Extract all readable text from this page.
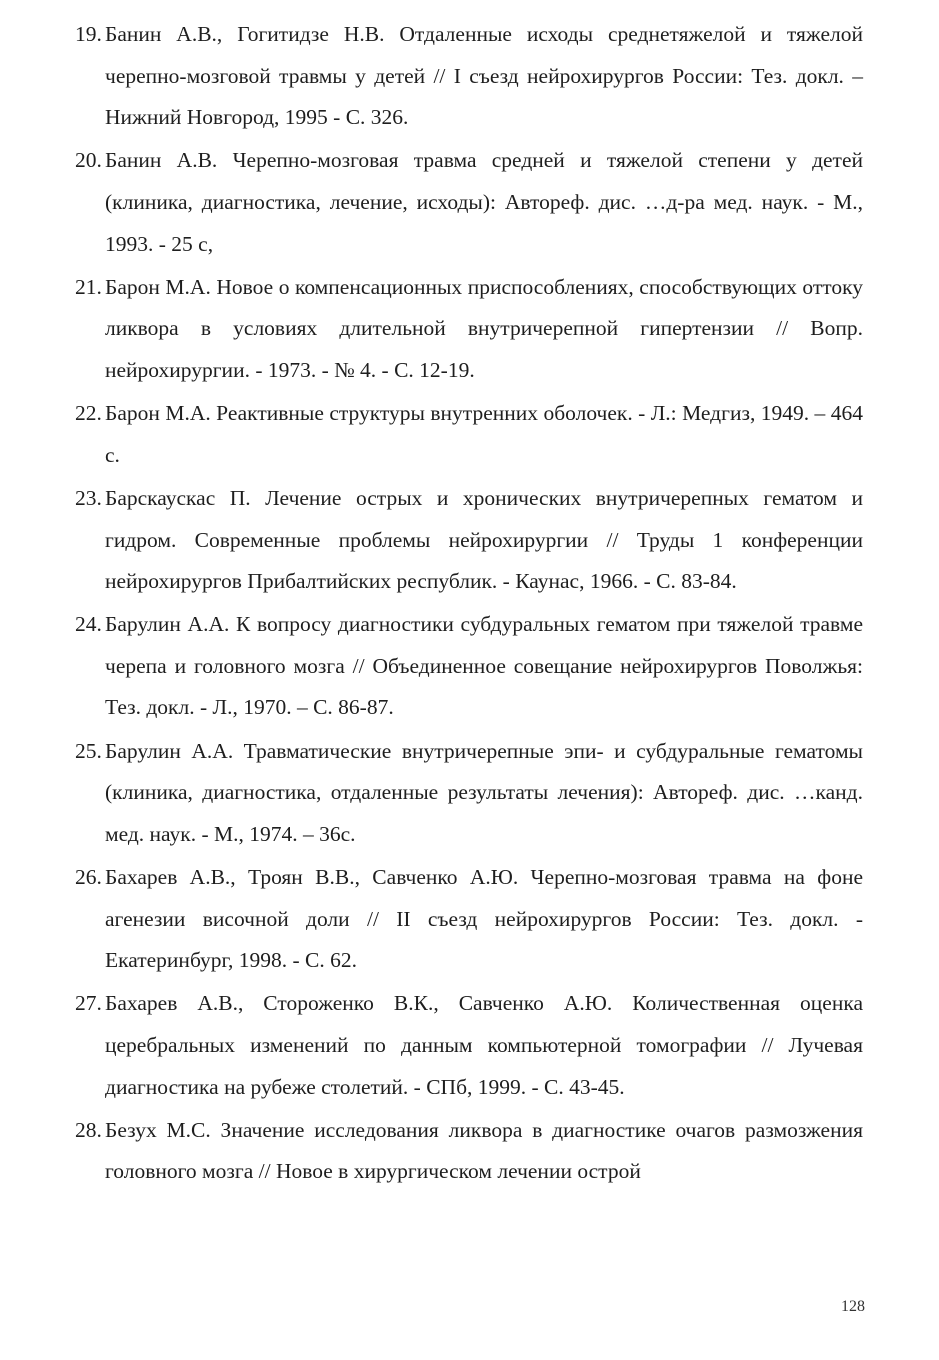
19. Банин А.В., Гогитидзе Н.В. Отдаленные исходы среднетяжелой и тяжелой черепно-мозговой травмы у детей // I съезд нейрохирургов России: Тез. докл. – Нижний Новгород, 1995 - С. 326.
20. Банин А.В. Черепно-мозговая травма средней и тяжелой степени у детей (клиника, диагностика, лечение, исходы): Автореф. дис. …д-ра мед. наук. - М., 1993. - 25 с,
21. Барон М.А. Новое о компенсационных приспособлениях, способствующих оттоку ликвора в условиях длительной внутричерепной гипертензии // Вопр. нейрохирургии. - 1973. - № 4. - С. 12-19.
22. Барон М.А. Реактивные структуры внутренних оболочек. - Л.: Медгиз, 1949. – 464 с.
23. Барскаускас П. Лечение острых и хронических внутричерепных гематом и гидром. Современные проблемы нейрохирургии // Труды 1 конференции нейрохирургов Прибалтийских республик. - Каунас, 1966. - С. 83-84.
24. Барулин А.А. К вопросу диагностики субдуральных гематом при тяжелой травме черепа и головного мозга // Объединенное совещание нейрохирургов Поволжья: Тез. докл. - Л., 1970. – С. 86-87.
25. Барулин А.А. Травматические внутричерепные эпи- и субдуральные гематомы (клиника, диагностика, отдаленные результаты лечения): Автореф. дис. …канд. мед. наук. - М., 1974. – 36с.
26. Бахарев А.В., Троян В.В., Савченко А.Ю. Черепно-мозговая травма на фоне агенезии височной доли // II съезд нейрохирургов России: Тез. докл. - Екатеринбург, 1998. - С. 62.
27. Бахарев А.В., Стороженко В.К., Савченко А.Ю. Количественная оценка церебральных изменений по данным компьютерной томографии // Лучевая диагностика на рубеже столетий. - СПб, 1999. - С. 43-45.
28. Безух М.С. Значение исследования ликвора в диагностике очагов размозжения головного мозга // Новое в хирургическом лечении острой
128
